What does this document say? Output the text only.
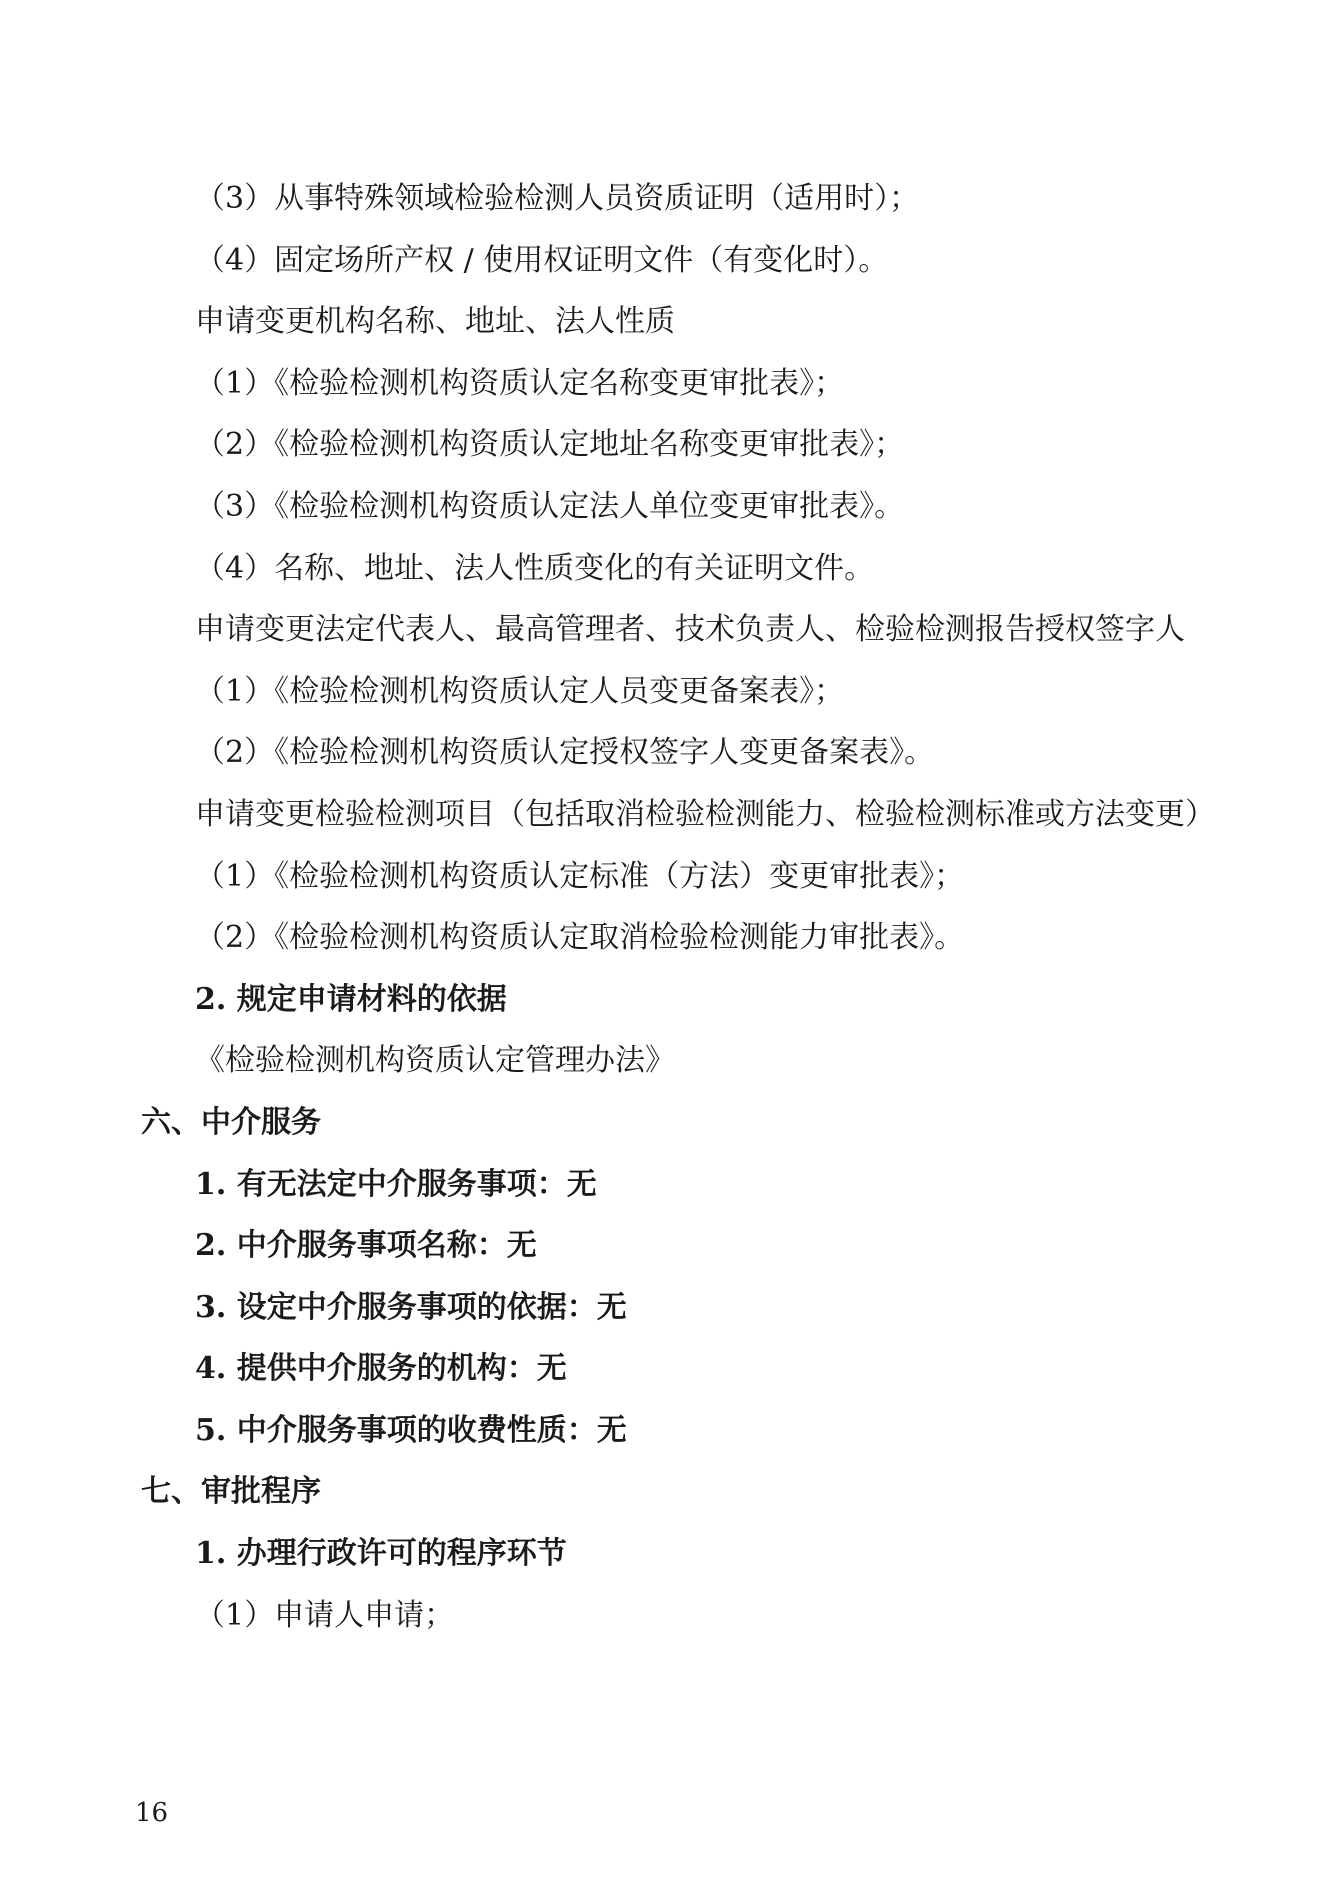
（3）从事特殊领域检验检测人员资质证明（适用时）；

（4）固定场所产权 / 使用权证明文件（有变化时）。

申请变更机构名称、地址、法人性质

（1）《检验检测机构资质认定名称变更审批表》；

（2）《检验检测机构资质认定地址名称变更审批表》；

（3）《检验检测机构资质认定法人单位变更审批表》。

（4）名称、地址、法人性质变化的有关证明文件。

申请变更法定代表人、最高管理者、技术负责人、检验检测报告授权签字人

（1）《检验检测机构资质认定人员变更备案表》；

（2）《检验检测机构资质认定授权签字人变更备案表》。

申请变更检验检测项目（包括取消检验检测能力、检验检测标准或方法变更）

（1）《检验检测机构资质认定标准（方法）变更审批表》；

（2）《检验检测机构资质认定取消检验检测能力审批表》。

2. 规定申请材料的依据

《检验检测机构资质认定管理办法》

六、中介服务

1. 有无法定中介服务事项：无

2. 中介服务事项名称：无

3. 设定中介服务事项的依据：无

4. 提供中介服务的机构：无

5. 中介服务事项的收费性质：无

七、审批程序

1. 办理行政许可的程序环节

（1）申请人申请；

16
